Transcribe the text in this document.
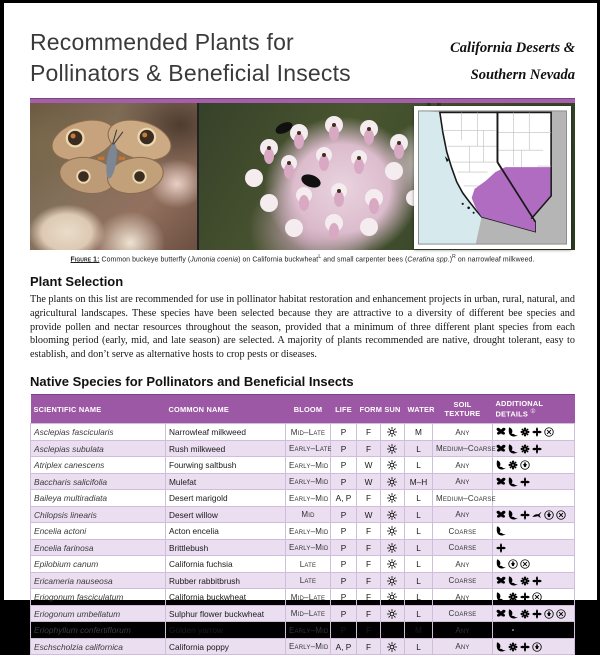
Recommended Plants for
Pollinators & Beneficial Insects
California Deserts &
Southern Nevada
Figure 1: Common buckeye butterfly (Junonia coenia) on California buckwheat$^L$ and small carpenter bees (Ceratina spp.)$^R$ on narrowleaf milkweed.
Plant Selection
The plants on this list are recommended for use in pollinator habitat restoration and enhancement projects in urban, rural, natural, and agricultural landscapes. These species have been selected because they are attractive to a diversity of different bee species and provide pollen and nectar resources throughout the season, provided that a minimum of three different plant species from each blooming period (early, mid, and late season) are selected. A majority of plants recommended are native, drought tolerant, easy to establish, and don’t serve as alternative hosts to crop pests or diseases.
Native Species for Pollinators and Beneficial Insects
SCIENTIFIC NAME	COMMON NAME	BLOOM	LIFE	FORM	SUN	WATER	SOIL TEXTURE	ADDITIONAL DETAILS ①
Asclepias fascicularis	Narrowleaf milkweed	Mid–Late	P	F		M	Any	
Asclepias subulata	Rush milkweed	Early–Late	P	F		L	Medium–Coarse	
Atriplex canescens	Fourwing saltbush	Early–Mid	P	W		L	Any	
Baccharis salicifolia	Mulefat	Early–Mid	P	W		M–H	Any	
Baileya multiradiata	Desert marigold	Early–Mid	A, P	F		L	Medium–Coarse	
Chilopsis linearis	Desert willow	Mid	P	W		L	Any	
Encelia actoni	Acton encelia	Early–Mid	P	F		L	Coarse	
Encelia farinosa	Brittlebush	Early–Mid	P	F		L	Coarse	
Epilobium canum	California fuchsia	Late	P	F		L	Any	
Ericameria nauseosa	Rubber rabbitbrush	Late	P	F		L	Coarse	
Eriogonum fasciculatum	California buckwheat	Mid–Late	P	F		L	Any	
Eriogonum umbellatum	Sulphur flower buckwheat	Mid–Late	P	F		L	Coarse	
Eriophyllum confertiflorum	Golden yarrow	Early–Mid	P	F		M	Any	
Eschscholzia californica	California poppy	Early–Mid	A, P	F		L	Any	
